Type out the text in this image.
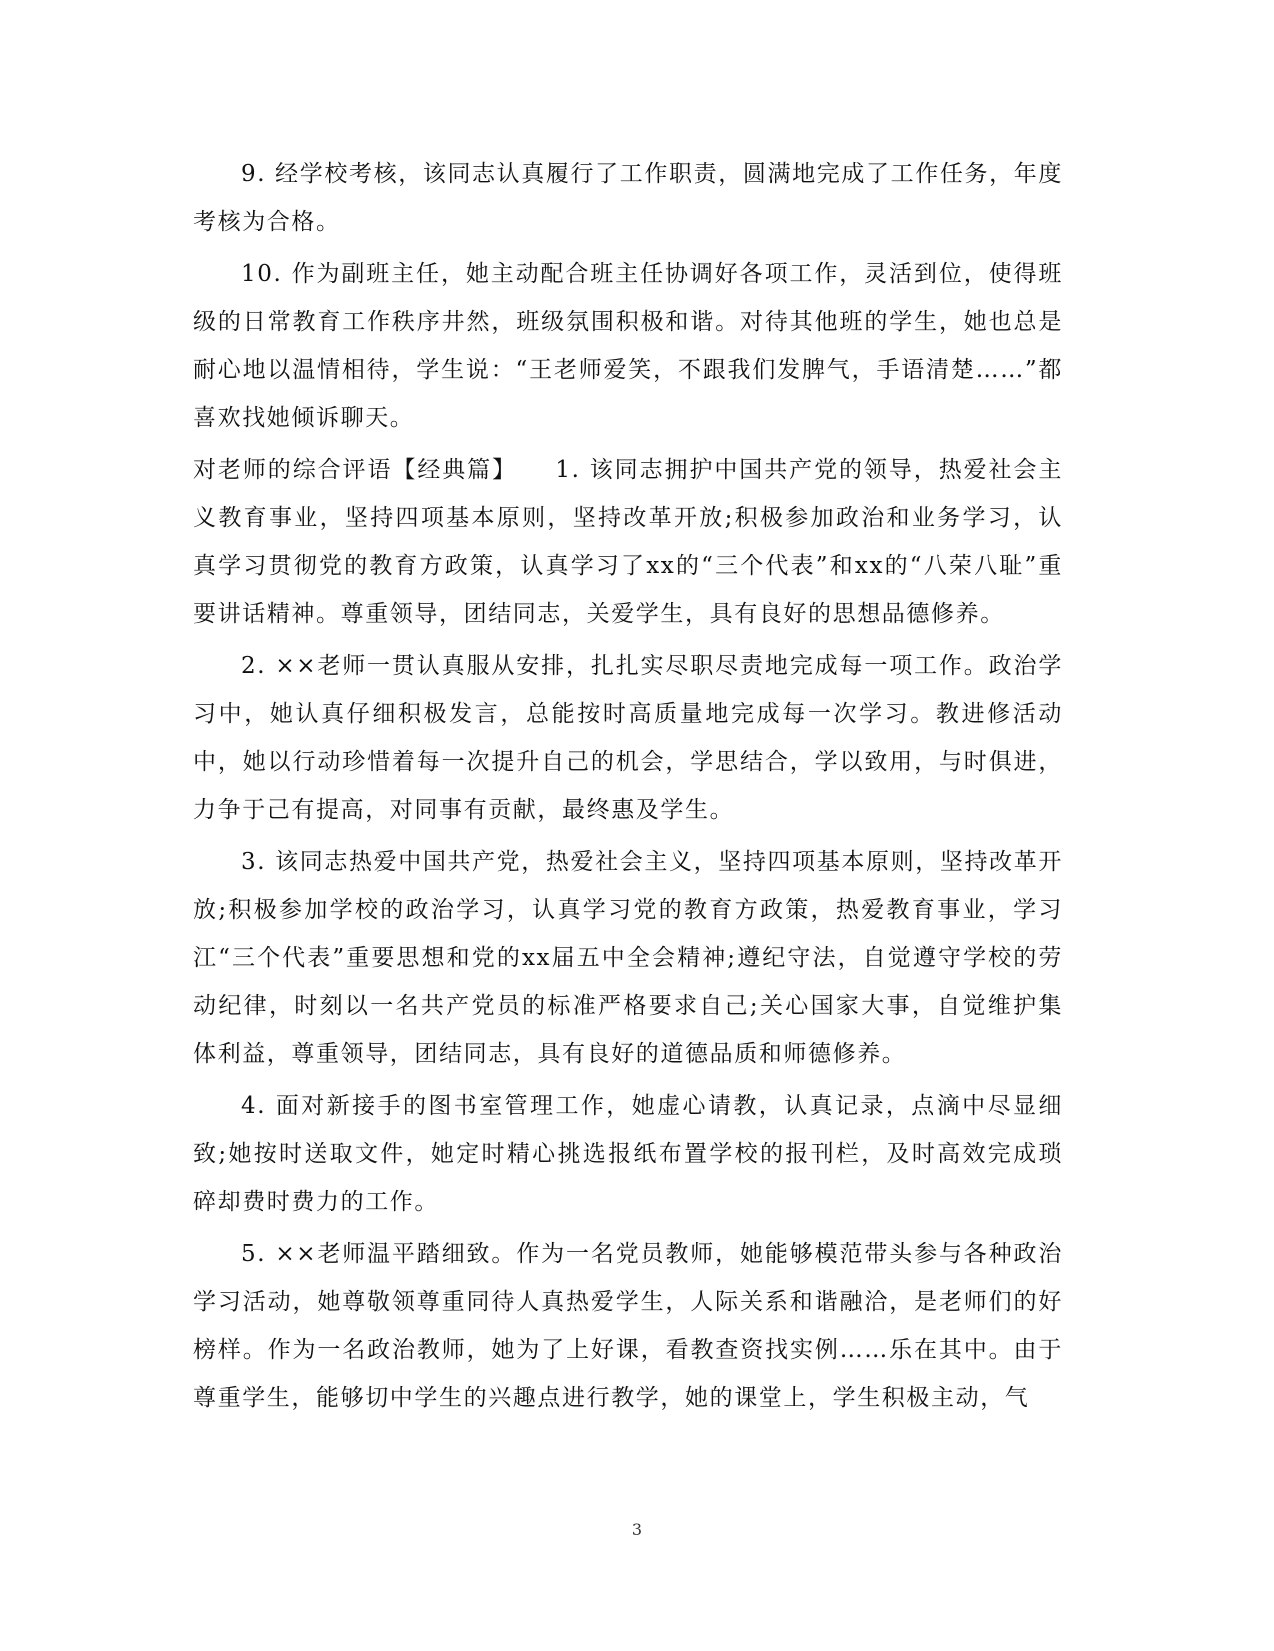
9. 经学校考核，该同志认真履行了工作职责，圆满地完成了工作任务，年度考核为合格。

10. 作为副班主任，她主动配合班主任协调好各项工作，灵活到位，使得班级的日常教育工作秩序井然，班级氛围积极和谐。对待其他班的学生，她也总是耐心地以温情相待，学生说：“王老师爱笑，不跟我们发脾气，手语清楚……”都喜欢找她倾诉聊天。

对老师的综合评语【经典篇】　　1. 该同志拥护中国共产党的领导，热爱社会主义教育事业，坚持四项基本原则，坚持改革开放;积极参加政治和业务学习，认真学习贯彻党的教育方政策，认真学习了xx的“三个代表”和xx的“八荣八耻”重要讲话精神。尊重领导，团结同志，关爱学生，具有良好的思想品德修养。

2. ××老师一贯认真服从安排，扎扎实尽职尽责地完成每一项工作。政治学习中，她认真仔细积极发言，总能按时高质量地完成每一次学习。教进修活动中，她以行动珍惜着每一次提升自己的机会，学思结合，学以致用，与时俱进，力争于己有提高，对同事有贡献，最终惠及学生。

3. 该同志热爱中国共产党，热爱社会主义，坚持四项基本原则，坚持改革开放;积极参加学校的政治学习，认真学习党的教育方政策，热爱教育事业，学习江“三个代表”重要思想和党的xx届五中全会精神;遵纪守法，自觉遵守学校的劳动纪律，时刻以一名共产党员的标准严格要求自己;关心国家大事，自觉维护集体利益，尊重领导，团结同志，具有良好的道德品质和师德修养。

4. 面对新接手的图书室管理工作，她虚心请教，认真记录，点滴中尽显细致;她按时送取文件，她定时精心挑选报纸布置学校的报刊栏，及时高效完成琐碎却费时费力的工作。

5. ××老师温平踏细致。作为一名党员教师，她能够模范带头参与各种政治学习活动，她尊敬领尊重同待人真热爱学生，人际关系和谐融洽，是老师们的好榜样。作为一名政治教师，她为了上好课，看教查资找实例……乐在其中。由于尊重学生，能够切中学生的兴趣点进行教学，她的课堂上，学生积极主动，气

3
